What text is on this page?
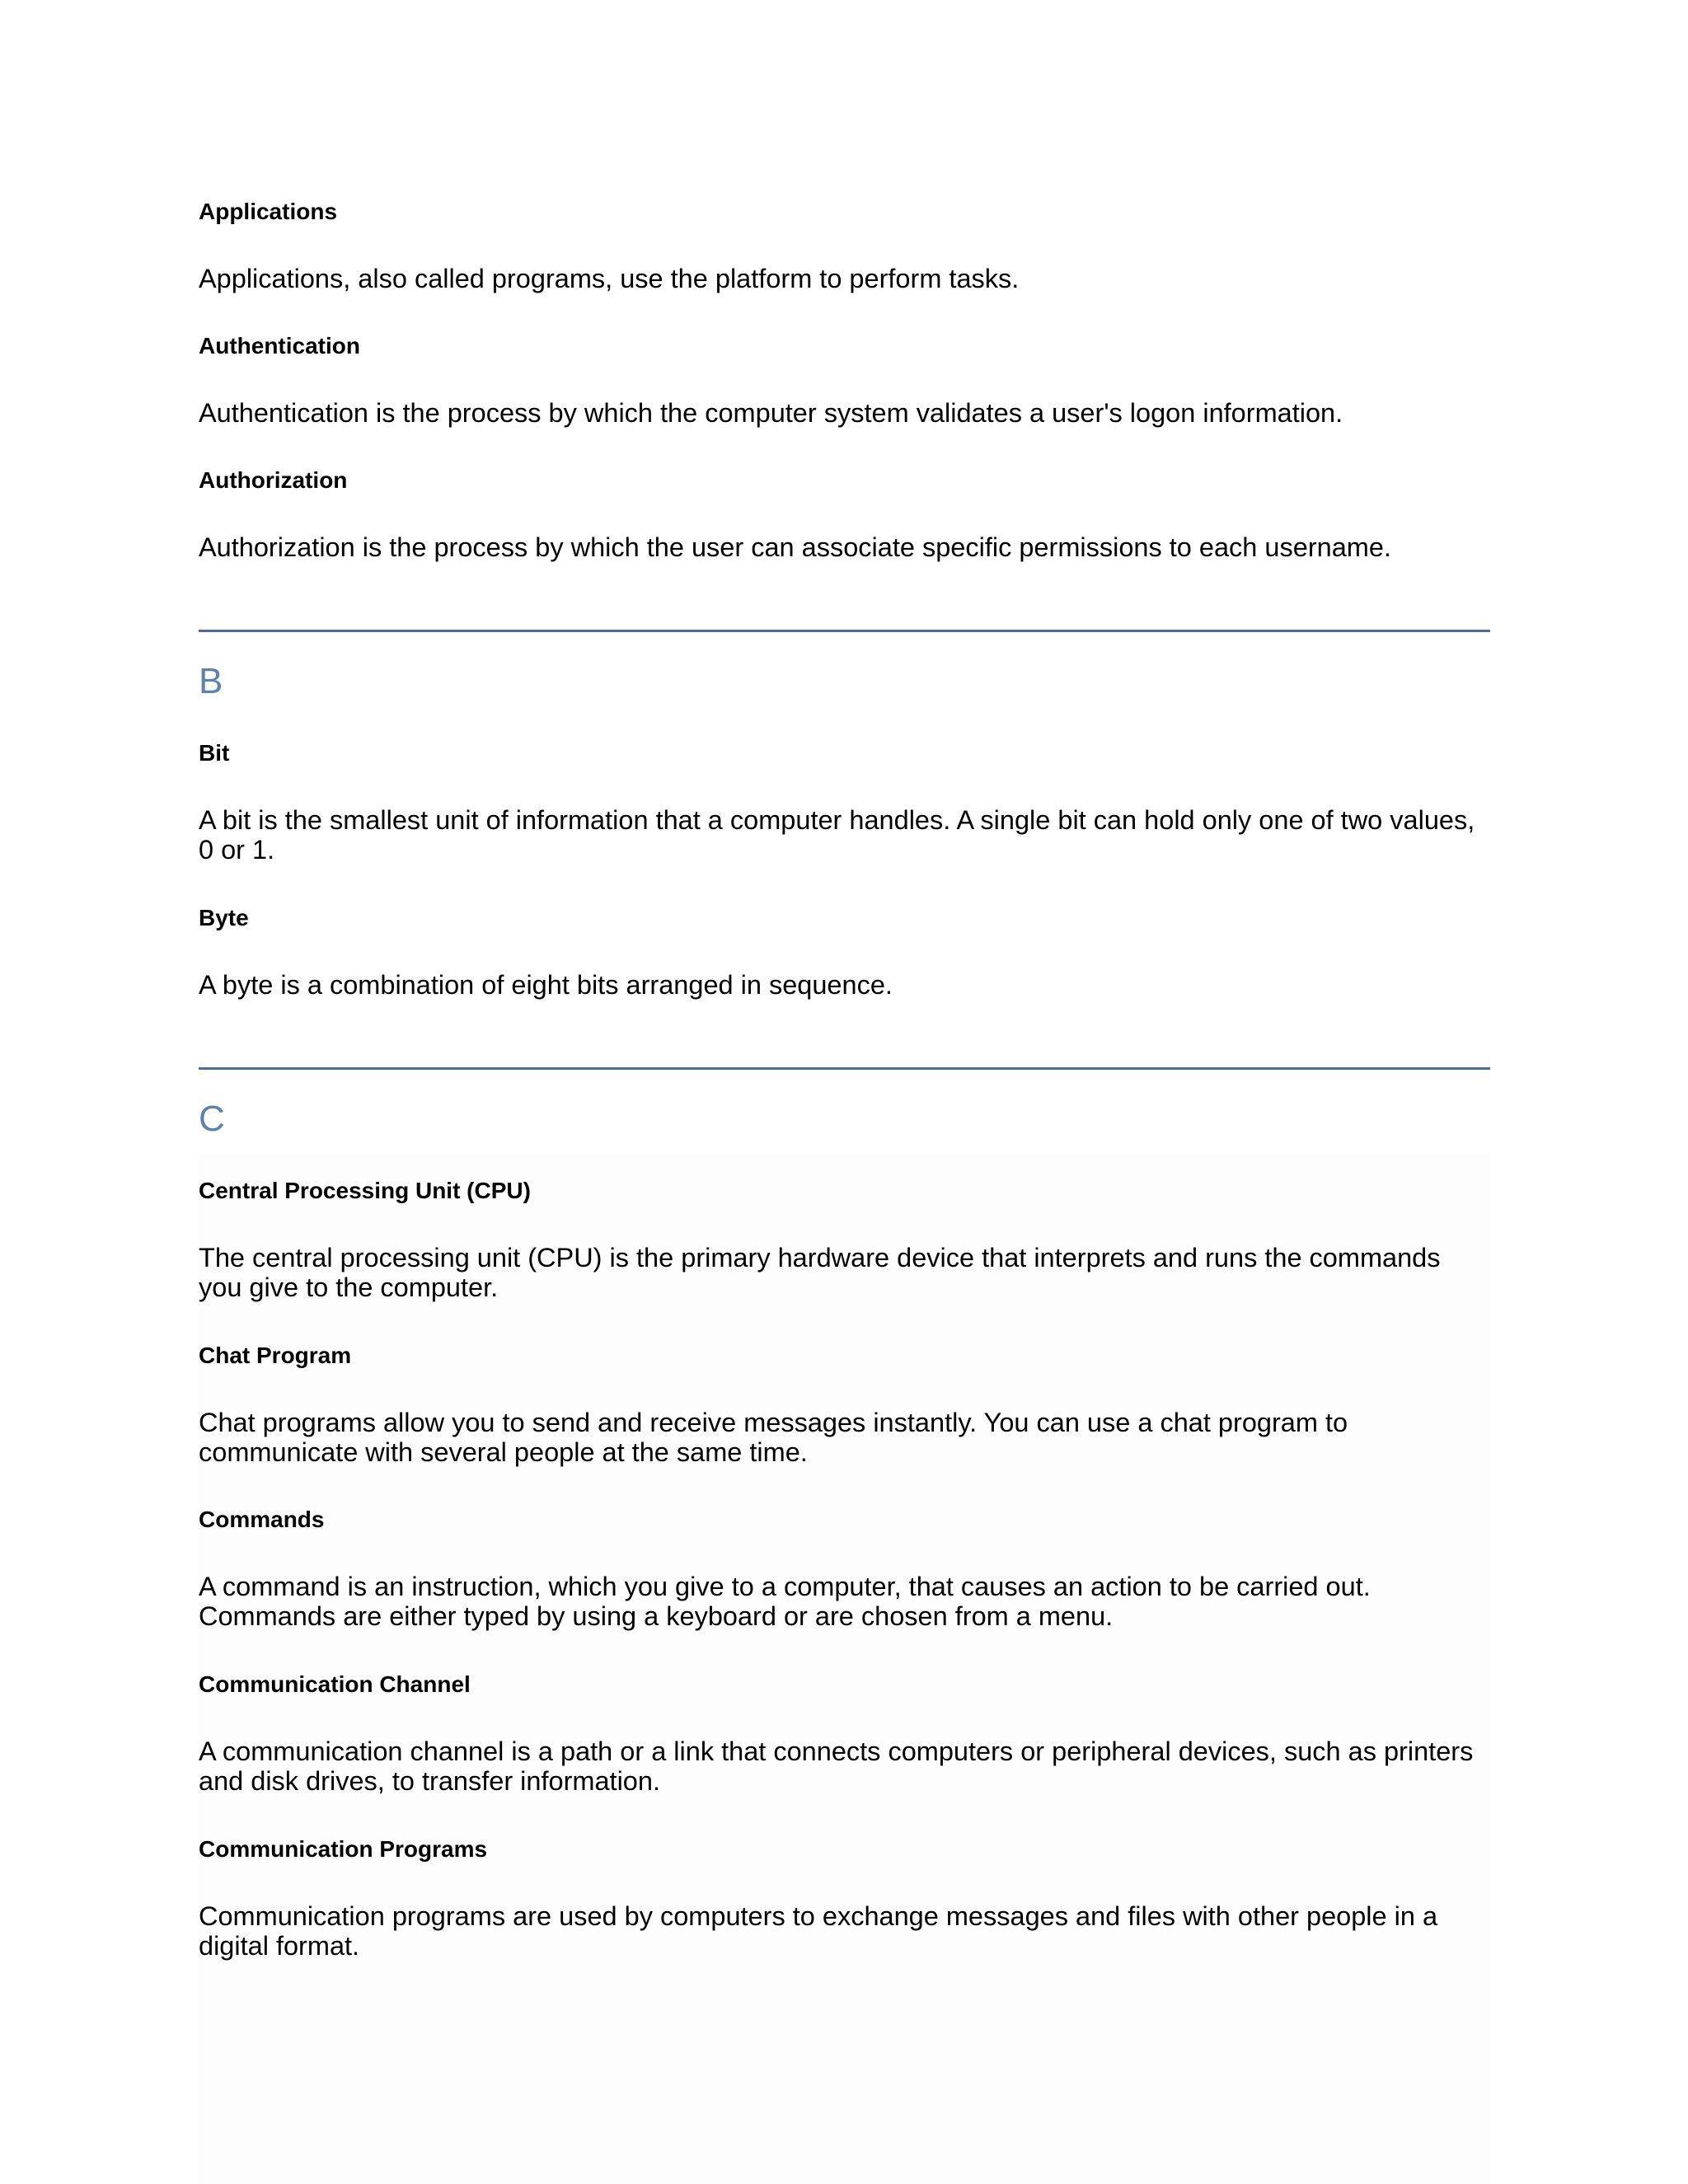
Applications

Applications, also called programs, use the platform to perform tasks.

Authentication

Authentication is the process by which the computer system validates a user's logon information.

Authorization

Authorization is the process by which the user can associate specific permissions to each username.

B
Bit

A bit is the smallest unit of information that a computer handles. A single bit can hold only one of two values, 0 or 1.

Byte

A byte is a combination of eight bits arranged in sequence.

C
Central Processing Unit (CPU)

The central processing unit (CPU) is the primary hardware device that interprets and runs the commands you give to the computer.

Chat Program

Chat programs allow you to send and receive messages instantly. You can use a chat program to communicate with several people at the same time.

Commands

A command is an instruction, which you give to a computer, that causes an action to be carried out. Commands are either typed by using a keyboard or are chosen from a menu.

Communication Channel

A communication channel is a path or a link that connects computers or peripheral devices, such as printers and disk drives, to transfer information.

Communication Programs

Communication programs are used by computers to exchange messages and files with other people in a digital format.
